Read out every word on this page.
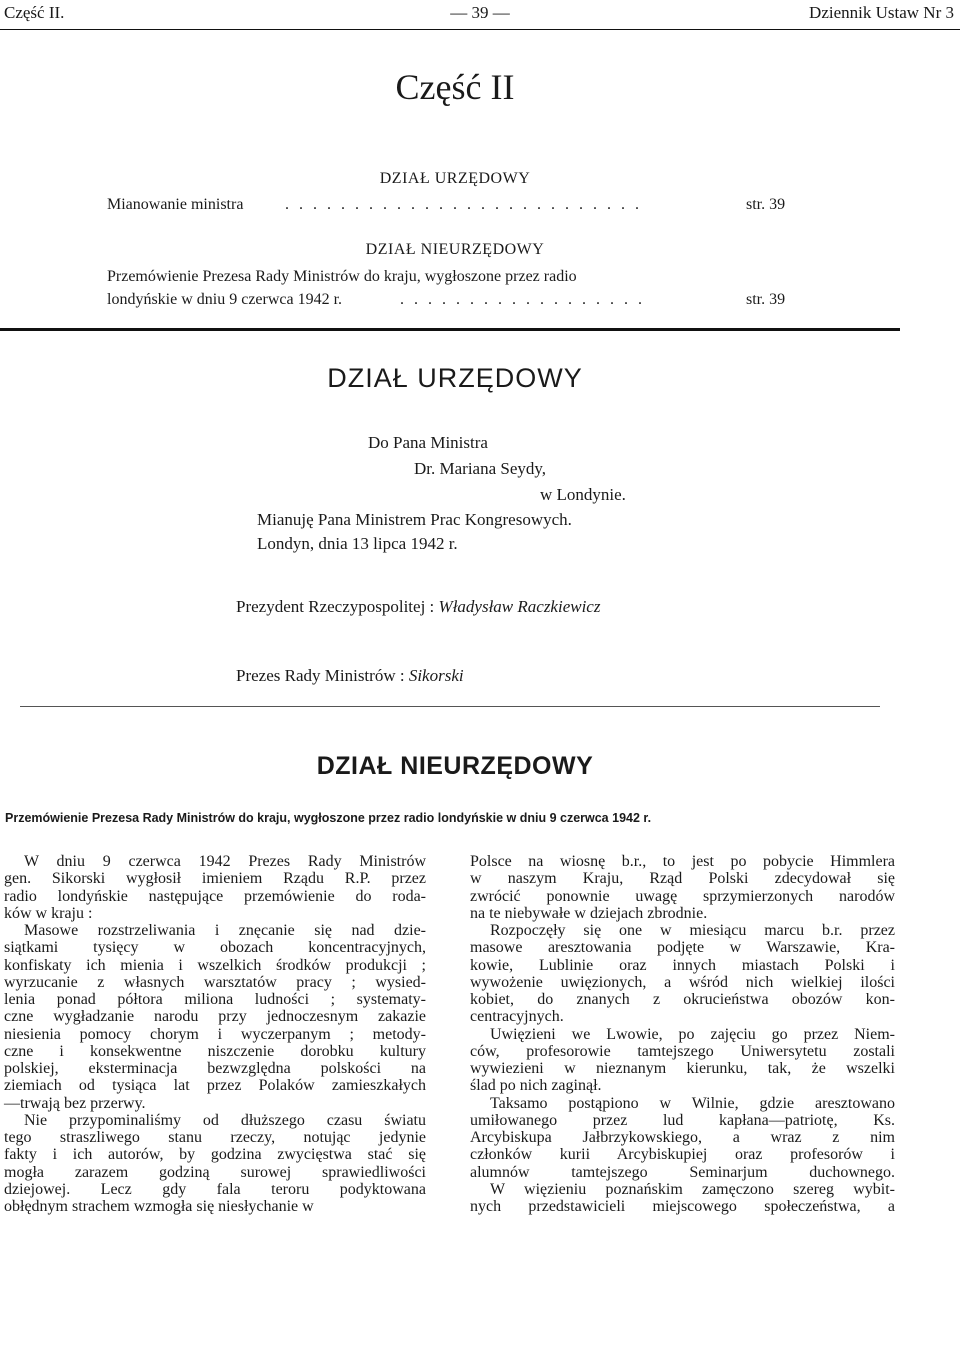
Część II.	— 39 —	Dziennik Ustaw Nr 3
Część II
DZIAŁ URZĘDOWY
Mianowanie ministra	. . . . . . . . . . . . . . . . . . . . . . . . . .	str. 39
DZIAŁ NIEURZĘDOWY
Przemówienie Prezesa Rady Ministrów do kraju, wygłoszone przez radio
londyńskie w dniu 9 czerwca 1942 r.	. . . . . . . . . . . . . . . . . .	str. 39
DZIAŁ URZĘDOWY
Do Pana Ministra
Dr. Mariana Seydy,
w Londynie.
Mianuję Pana Ministrem Prac Kongresowych.
Londyn, dnia 13 lipca 1942 r.
Prezydent Rzeczypospolitej : Władysław Raczkiewicz
Prezes Rady Ministrów : Sikorski
DZIAŁ NIEURZĘDOWY
Przemówienie Prezesa Rady Ministrów do kraju, wygłoszone przez radio londyńskie w dniu 9 czerwca 1942 r.
W dniu 9 czerwca 1942 Prezes Rady Ministrów
gen. Sikorski wygłosił imieniem Rządu R.P. przez
radio londyńskie następujące przemówienie do roda-
ków w kraju :
Masowe rozstrzeliwania i znęcanie się nad dzie-
siątkami tysięcy w obozach koncentracyjnych,
konfiskaty ich mienia i wszelkich środków produkcji ;
wyrzucanie z własnych warsztatów pracy ; wysied-
lenia ponad półtora miliona ludności ; systematy-
czne wygładzanie narodu przy jednoczesnym zakazie
niesienia pomocy chorym i wyczerpanym ; metody-
czne i konsekwentne niszczenie dorobku kultury
polskiej, eksterminacja bezwzględna polskości na
ziemiach od tysiąca lat przez Polaków zamieszkałych
—trwają bez przerwy.
Nie przypominaliśmy od dłuższego czasu światu
tego straszliwego stanu rzeczy, notując jedynie
fakty i ich autorów, by godzina zwycięstwa stać się
mogła zarazem godziną surowej sprawiedliwości
dziejowej. Lecz gdy fala teroru podyktowana
obłędnym strachem wzmogła się niesłychanie w
Polsce na wiosnę b.r., to jest po pobycie Himmlera
w naszym Kraju, Rząd Polski zdecydował się
zwrócić ponownie uwagę sprzymierzonych narodów
na te niebywałe w dziejach zbrodnie.
Rozpoczęły się one w miesiącu marcu b.r. przez
masowe aresztowania podjęte w Warszawie, Kra-
kowie, Lublinie oraz innych miastach Polski i
wywożenie uwięzionych, a wśród nich wielkiej ilości
kobiet, do znanych z okrucieństwa obozów kon-
centracyjnych.
Uwięzieni we Lwowie, po zajęciu go przez Niem-
ców, profesorowie tamtejszego Uniwersytetu zostali
wywiezieni w nieznanym kierunku, tak, że wszelki
ślad po nich zaginął.
Taksamo postąpiono w Wilnie, gdzie aresztowano
umiłowanego przez lud kapłana—patriotę, Ks.
Arcybiskupa Jałbrzykowskiego, a wraz z nim
członków kurii Arcybiskupiej oraz profesorów i
alumnów tamtejszego Seminarjum duchownego.
W więzieniu poznańskim zamęczono szereg wybit-
nych przedstawicieli miejscowego społeczeństwa, a
